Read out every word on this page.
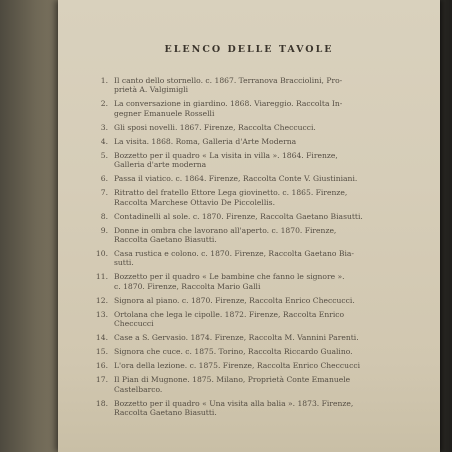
ELENCO DELLE TAVOLE
1. Il canto dello stornello. c. 1867. Terranova Bracciolini, Pro-
prietà A. Valgimigli
2. La conversazione in giardino. 1868. Viareggio. Raccolta In-
gegner Emanuele Rosselli
3. Gli sposi novelli. 1867. Firenze, Raccolta Checcucci.
4. La visita. 1868. Roma, Galleria d'Arte Moderna
5. Bozzetto per il quadro « La visita in villa ». 1864. Firenze,
Galleria d'arte moderna
6. Passa il viatico. c. 1864. Firenze, Raccolta Conte V. Giustiniani.
7. Ritratto del fratello Ettore Lega giovinetto. c. 1865. Firenze,
Raccolta Marchese Ottavio De Piccolellis.
8. Contadinelli al sole. c. 1870. Firenze, Raccolta Gaetano Biasutti.
9. Donne in ombra che lavorano all'aperto. c. 1870. Firenze,
Raccolta Gaetano Biasutti.
10. Casa rustica e colono. c. 1870. Firenze, Raccolta Gaetano Bia-
sutti.
11. Bozzetto per il quadro « Le bambine che fanno le signore ».
c. 1870. Firenze, Raccolta Mario Galli
12. Signora al piano. c. 1870. Firenze, Raccolta Enrico Checcucci.
13. Ortolana che lega le cipolle. 1872. Firenze, Raccolta Enrico
Checcucci
14. Case a S. Gervasio. 1874. Firenze, Raccolta M. Vannini Parenti.
15. Signora che cuce. c. 1875. Torino, Raccolta Riccardo Gualino.
16. L'ora della lezione. c. 1875. Firenze, Raccolta Enrico Checcucci
17. Il Pian di Mugnone. 1875. Milano, Proprietà Conte Emanuele
Castelbarco.
18. Bozzetto per il quadro « Una visita alla balia ». 1873. Firenze,
Raccolta Gaetano Biasutti.
